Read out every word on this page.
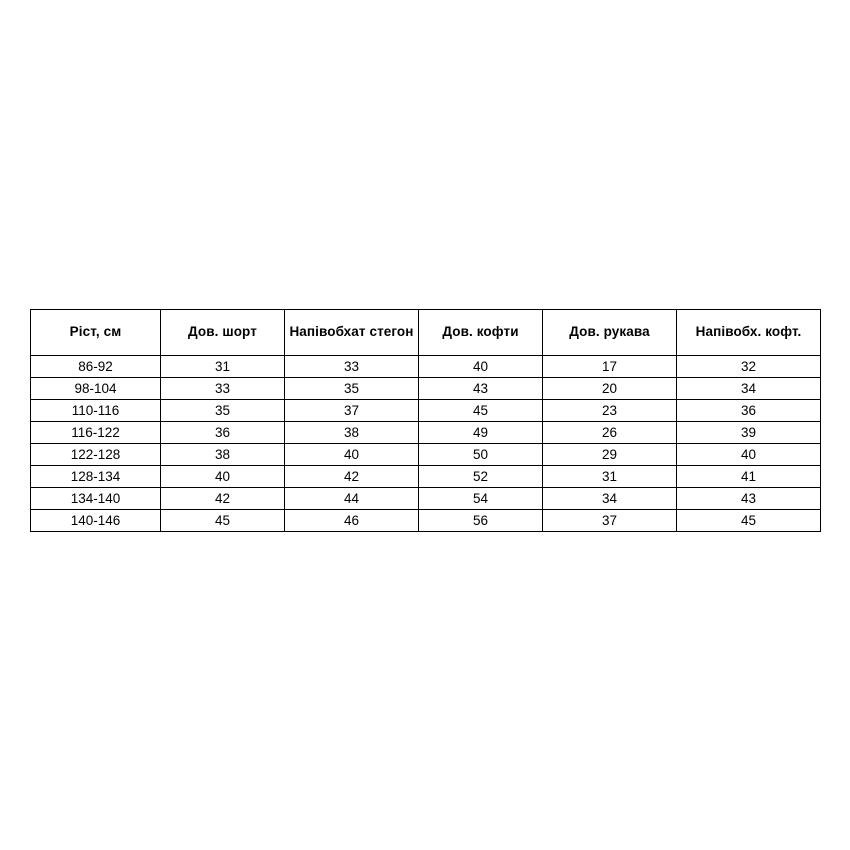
Ріст, см	Дов. шорт	Напівобхат стегон	Дов. кофти	Дов. рукава	Напівобх. кофт.
86-92	31	33	40	17	32
98-104	33	35	43	20	34
110-116	35	37	45	23	36
116-122	36	38	49	26	39
122-128	38	40	50	29	40
128-134	40	42	52	31	41
134-140	42	44	54	34	43
140-146	45	46	56	37	45
